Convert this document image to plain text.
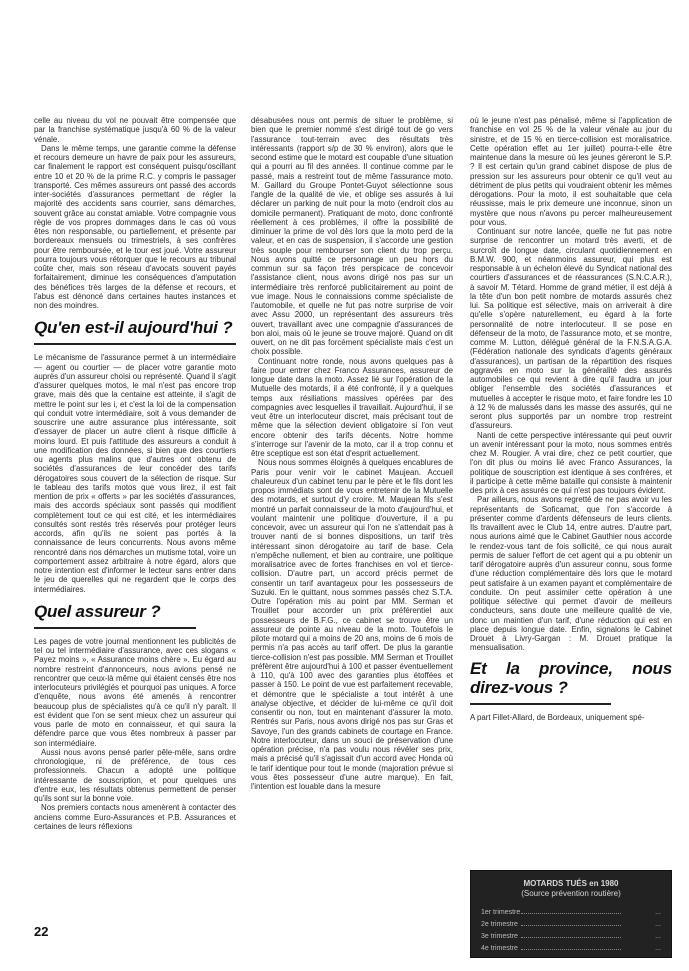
celle au niveau du vol ne pouvait être compensée que par la franchise systématique jusqu'à 60 % de la valeur vénale.

Dans le même temps, une garantie comme la défense et recours demeure un havre de paix pour les assureurs, car finalement le rapport est conséquent puisqu'oscillant entre 10 et 20 % de la prime R.C. y compris le passager transporté. Ces mêmes assureurs ont passé des accords inter-sociétés d'assurances permettant de régler la majorité des accidents sans courrier, sans démarches, souvent grâce au constat amiable. Votre compagnie vous règle de vos propres dommages dans le cas où vous êtes non responsable, ou partiellement, et présente par bordereaux mensuels ou trimestriels, à ses confrères pour être remboursée, et le tour est joué. Votre assureur pourra toujours vous rétorquer que le recours au tribunal coûte cher, mais son réseau d'avocats souvent payés forfaitairement, diminue les conséquences d'amputation des bénéfices très larges de la défense et recours, et l'abus est dénoncé dans certaines hautes instances et non des moindres.

Qu'en est-il aujourd'hui ?

Le mécanisme de l'assurance permet à un intermédiaire — agent ou courtier — de placer votre garantie moto auprès d'un assureur choisi ou représenté. Quand il s'agit d'assurer quelques motos, le mal n'est pas encore trop grave, mais dès que la centaine est atteinte, il s'agit de mettre le point sur les i, et c'est la loi de la compensation qui conduit votre intermédiaire, soit à vous demander de souscrire une autre assurance plus intéressante, soit d'essayer de placer un autre client à risque difficile à moins lourd. Et puis l'attitude des assureurs a conduit à une modification des données, si bien que des courtiers ou agents plus malins que d'autres ont obtenu de sociétés d'assurances de leur concéder des tarifs dérogatoires sous couvert de la sélection de risque. Sur le tableau des tarifs motos que vous lirez, il est fait mention de prix « offerts » par les sociétés d'assurances, mais des accords spéciaux sont passés qui modifient complètement tout ce qui est cité, et les intermédiaires consultés sont restés très réservés pour protéger leurs accords, afin qu'ils ne soient pas portés à la connaissance de leurs concurrents. Nous avons même rencontré dans nos démarches un mutisme total, voire un comportement assez arbitraire à notre égard, alors que notre intention est d'informer le lecteur sans entrer dans le jeu de querelles qui ne regardent que le corps des intermédiaires.

Quel assureur ?

Les pages de votre journal mentionnent les publicités de tel ou tel intermédiaire d'assurance, avec ces slogans « Payez moins », « Assurance moins chère ». Eu égard au nombre restreint d'annonceurs, nous avions pensé ne rencontrer que ceux-là même qui étaient censés être nos interlocuteurs privilégiés et pourquoi pas uniques. A force d'enquête, nous avons été amenés à rencontrer beaucoup plus de spécialistes qu'à ce qu'il n'y paraît. Il est évident que l'on se sent mieux chez un assureur qui vous parle de moto en connaisseur, et qui saura la défendre parce que vous êtes nombreux à passer par son intermédiaire.

Aussi nous avons pensé parler pêle-mêle, sans ordre chronologique, ni de préférence, de tous ces professionnels. Chacun a adopté une politique intéressante de souscription, et pour quelques uns d'entre eux, les résultats obtenus permettent de penser qu'ils sont sur la bonne voie.

Nos premiers contacts nous amenèrent à contacter des anciens comme Euro-Assurances et P.B. Assurances et certaines de leurs réflexions

désabusées nous ont permis de situer le problème, si bien que le premier nommé s'est dirigé tout de go vers l'assurance tout-terrain avec des résultats très intéressants (rapport s/p de 30 % environ), alors que le second estime que le motard est coupable d'une situation qui a pourri au fil des années. Il continue comme par le passé, mais a restreint tout de même l'assurance moto. M. Gaillard du Groupe Pontet-Guyot sélectionne sous l'angle de la qualité de vie, et oblige ses assurés à lui déclarer un parking de nuit pour la moto (endroit clos au domicile permanent). Pratiquant de moto, donc confronté réellement à ces problèmes, il offre la possibilité de diminuer la prime de vol dès lors que la moto perd de la valeur, et en cas de suspension, il s'accorde une gestion très souple pour rembourser son client du trop perçu. Nous avons quitté ce personnage un peu hors du commun sur sa façon très perspicace de concevoir l'assistance client, nous avons dirigé nos pas sur un intermédiaire très renforcé publicitairement au point de vue image. Nous le connaissions comme spécialiste de l'automobile, et quelle ne fut pas notre surprise de voir avec Assu 2000, un représentant des assureurs très ouvert, travaillant avec une compagnie d'assurances de bon aloi, mais où le jeune se trouve majoré. Quand on dit ouvert, on ne dit pas forcément spécialiste mais c'est un choix possible.

Continuant notre ronde, nous avons quelques pas à faire pour entrer chez Franco Assurances, assureur de longue date dans la moto. Assez lié sur l'opération de la Mutuelle des motards, il a été confronté, il y a quelques temps aux résiliations massives opérées par des compagnies avec lesquelles il travaillait. Aujourd'hui, il se veut être un interlocuteur discret, mais précisant tout de même que la sélection devient obligatoire si l'on veut encore obtenir des tarifs décents. Notre homme s'interroge sur l'avenir de la moto, car il a trop connu et être sceptique est son état d'esprit actuellement.

Nous nous sommes éloignés à quelques encablures de Paris pour venir voir le cabinet Maujean. Accueil chaleureux d'un cabinet tenu par le père et le fils dont les propos immédiats sont de vous entretenir de la Mutuelle des motards, et surtout d'y croire. M. Maujean fils s'est montré un parfait connaisseur de la moto d'aujourd'hui, et voulant maintenir une politique d'ouverture, il a pu concevoir, avec un assureur qui l'on ne s'attendait pas à trouver nanti de si bonnes dispositions, un tarif très intéressant sinon dérogatoire au tarif de base. Cela n'empêche nullement, et bien au contraire, une politique moralisatrice avec de fortes franchises en vol et tierce-collision. D'autre part, un accord précis permet de consentir un tarif avantageux pour les possesseurs de Suzuki. En le quittant, nous sommes passés chez S.T.A. Outre l'opération mis au point par MM. Serman et Trouillet pour accorder un prix préférentiel aux possesseurs de B.F.G., ce cabinet se trouve être un assureur de pointe au niveau de la moto. Toutefois le pilote motard qui a moins de 20 ans, moins de 6 mois de permis n'a pas accès au tarif offert. De plus la garantie tierce-collision n'est pas possible. MM Serman et Trouillet préfèrent être aujourd'hui à 100 et passer éventuellement à 110, qu'à 100 avec des garanties plus étoffées et passer à 150. Le point de vue est parfaitement recevable, et démontre que le spécialiste a tout intérêt à une analyse objective, et décider de lui-même ce qu'il doit consentir ou non, tout en maintenant d'assurer la moto. Rentrés sur Paris, nous avons dirigé nos pas sur Gras et Savoye, l'un des grands cabinets de courtage en France. Notre interlocuteur, dans un souci de préservation d'une opération précise, n'a pas voulu nous révéler ses prix, mais a précisé qu'il s'agissait d'un accord avec Honda où le tarif identique pour tout le monde (majoration prévue si vous êtes possesseur d'une autre marque). En fait, l'intention est louable dans la mesure

où le jeune n'est pas pénalisé, même si l'application de franchise en vol 25 % de la valeur vénale au jour du sinistre, et de 15 % en tierce-collision est moralisatrice. Cette opération effet au 1er juillet) pourra-t-elle être maintenue dans la mesure où les jeunes géreront le S.P. ? Il est certain qu'un grand cabinet dispose de plus de pression sur les assureurs pour obtenir ce qu'il veut au détriment de plus petits qui voudraient obtenir les mêmes dérogations. Pour la moto, il est souhaitable que cela réussisse, mais le prix demeure une inconnue, sinon un mystère que nous n'avons pu percer malheureusement pour vous.

Continuant sur notre lancée, quelle ne fut pas notre surprise de rencontrer un motard très averti, et de surcroît de longue date, circulant quotidiennement en B.M.W. 900, et néanmoins assureur, qui plus est responsable à un échelon élevé du Syndicat national des courtiers d'assurances et de réassurances (S.N.C.A.R.), à savoir M. Tétard. Homme de grand métier, il est déjà à la tête d'un bon petit nombre de motards assurés chez lui. Sa politique est sélective, mais on arriverait à dire qu'elle s'opère naturellement, eu égard à la forte personnalité de notre interlocuteur. Il se pose en défenseur de la moto, de l'assurance moto, et se montre, comme M. Lutton, délégué général de la F.N.S.A.G.A. (Fédération nationale des syndicats d'agents généraux d'assurances), un partisan de la répartition des risques aggravés en moto sur la généralité des assurés automobiles ce qui revient à dire qu'il faudra un jour obliger l'ensemble des sociétés d'assurances et mutuelles à accepter le risque moto, et faire fondre les 10 à 12 % de malussés dans les masse des assurés, qui ne seront plus supportés par un nombre trop restreint d'assureurs.

Nanti de cette perspective intéressante qui peut ouvrir un avenir intéressant pour la moto, nous sommes entrés chez M. Rougier. A vrai dire, chez ce petit courtier, que l'on dit plus ou moins lié avec Franco Assurances, la politique de souscription est identique à ses confrères, et il participe à cette même bataille qui consiste à maintenir des prix à ces assurés ce qui n'est pas toujours évident.

Par ailleurs, nous avons regretté de ne pas avoir vu les représentants de Soficamat, que l'on s'accorde à présenter comme d'ardents défenseurs de leurs clients. Ils travaillent avec le Club 14, entre autres. D'autre part, nous aurions aimé que le Cabinet Gauthier nous accorde le rendez-vous tant de fois sollicité, ce qui nous aurait permis de saluer l'effort de cet agent qui a pu obtenir un tarif dérogatoire auprès d'un assureur connu, sous forme d'une réduction complémentaire dès lors que le motard peut satisfaire à un examen payant et complémentaire de conduite. On peut assimiler cette opération à une politique sélective qui permet d'avoir de meilleurs conducteurs, sans doute une meilleure qualité de vie, donc un maintien d'un tarif, d'une réduction qui est en place depuis longue date. Enfin, signalons le Cabinet Drouet à Livry-Gargan : M. Drouet pratique la mensualisation.

Et la province, nous direz-vous ?

A part Fillet-Allard, de Bordeaux, uniquement spé-

MOTARDS TUÉS en 1980
(Source prévention routière)
1er trimestre	...
2e trimestre	...
3e trimestre	...
4e trimestre	...
22
